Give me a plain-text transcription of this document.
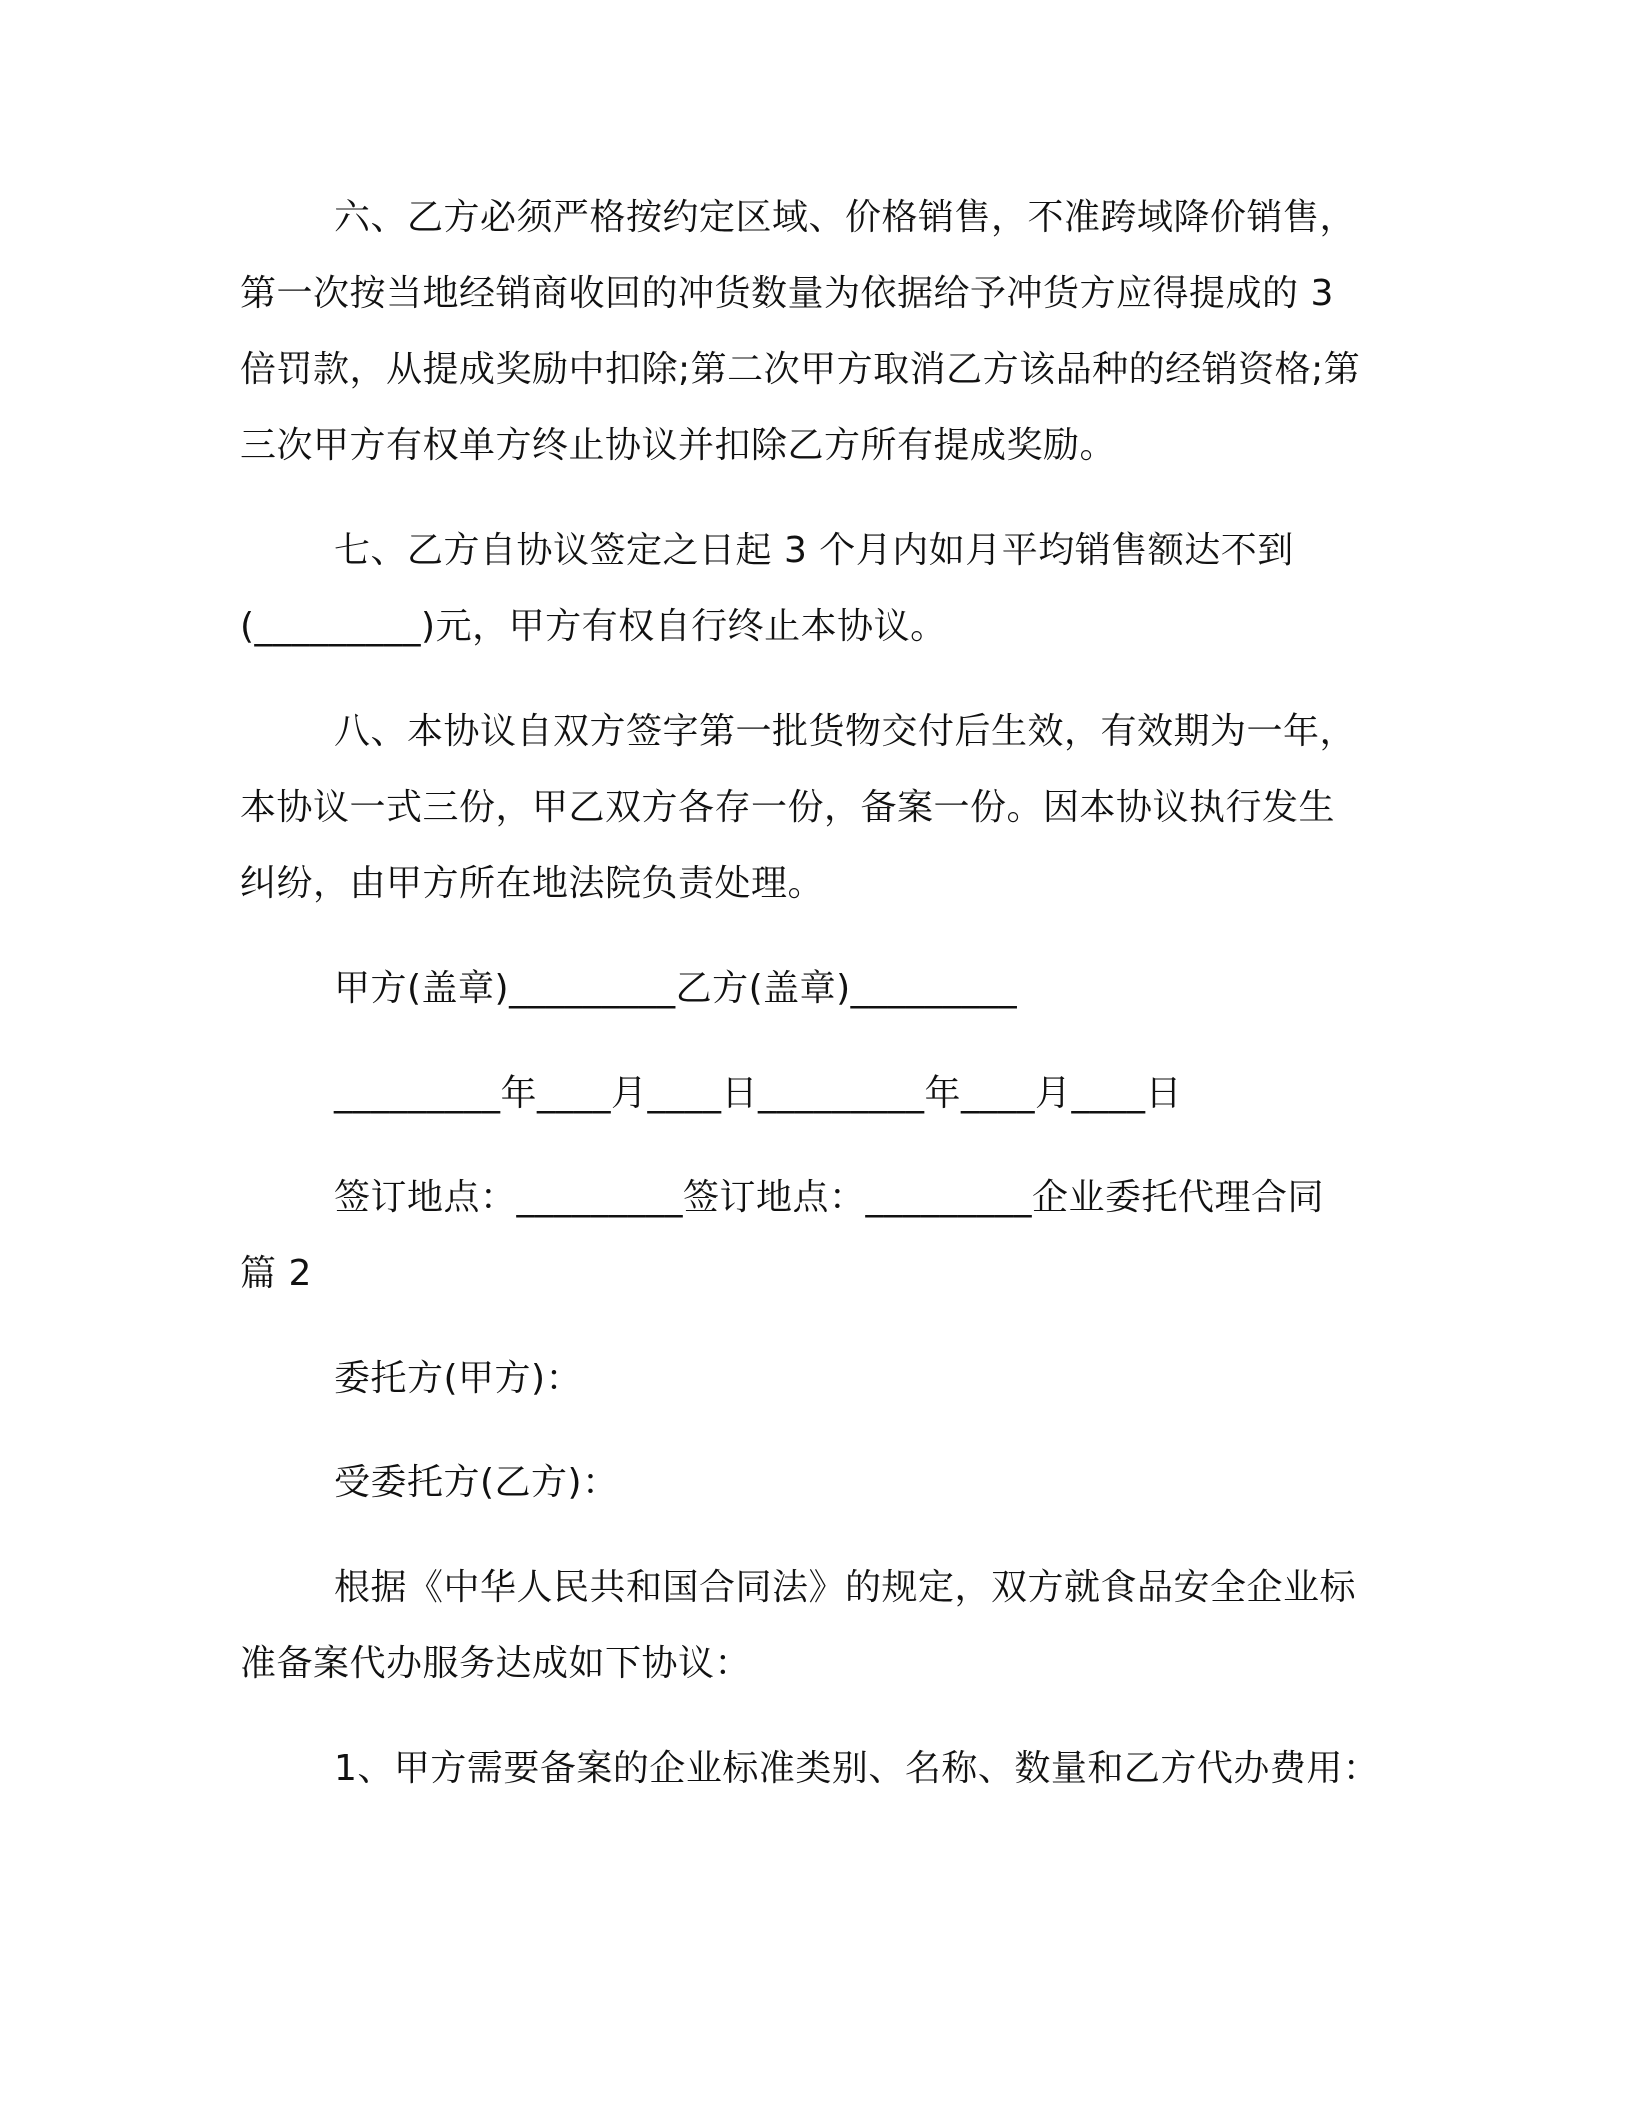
六、乙方必须严格按约定区域、价格销售，不准跨域降价销售，
第一次按当地经销商收回的冲货数量为依据给予冲货方应得提成的 3
倍罚款，从提成奖励中扣除;第二次甲方取消乙方该品种的经销资格;第
三次甲方有权单方终止协议并扣除乙方所有提成奖励。
七、乙方自协议签定之日起 3 个月内如月平均销售额达不到
(_________)元，甲方有权自行终止本协议。
八、本协议自双方签字第一批货物交付后生效，有效期为一年，
本协议一式三份，甲乙双方各存一份，备案一份。因本协议执行发生
纠纷，由甲方所在地法院负责处理。
甲方(盖章)_________乙方(盖章)_________
_________年____月____日_________年____月____日
签订地点：_________签订地点：_________企业委托代理合同
篇 2
委托方(甲方)：
受委托方(乙方)：
根据《中华人民共和国合同法》的规定，双方就食品安全企业标
准备案代办服务达成如下协议：
1、甲方需要备案的企业标准类别、名称、数量和乙方代办费用：
